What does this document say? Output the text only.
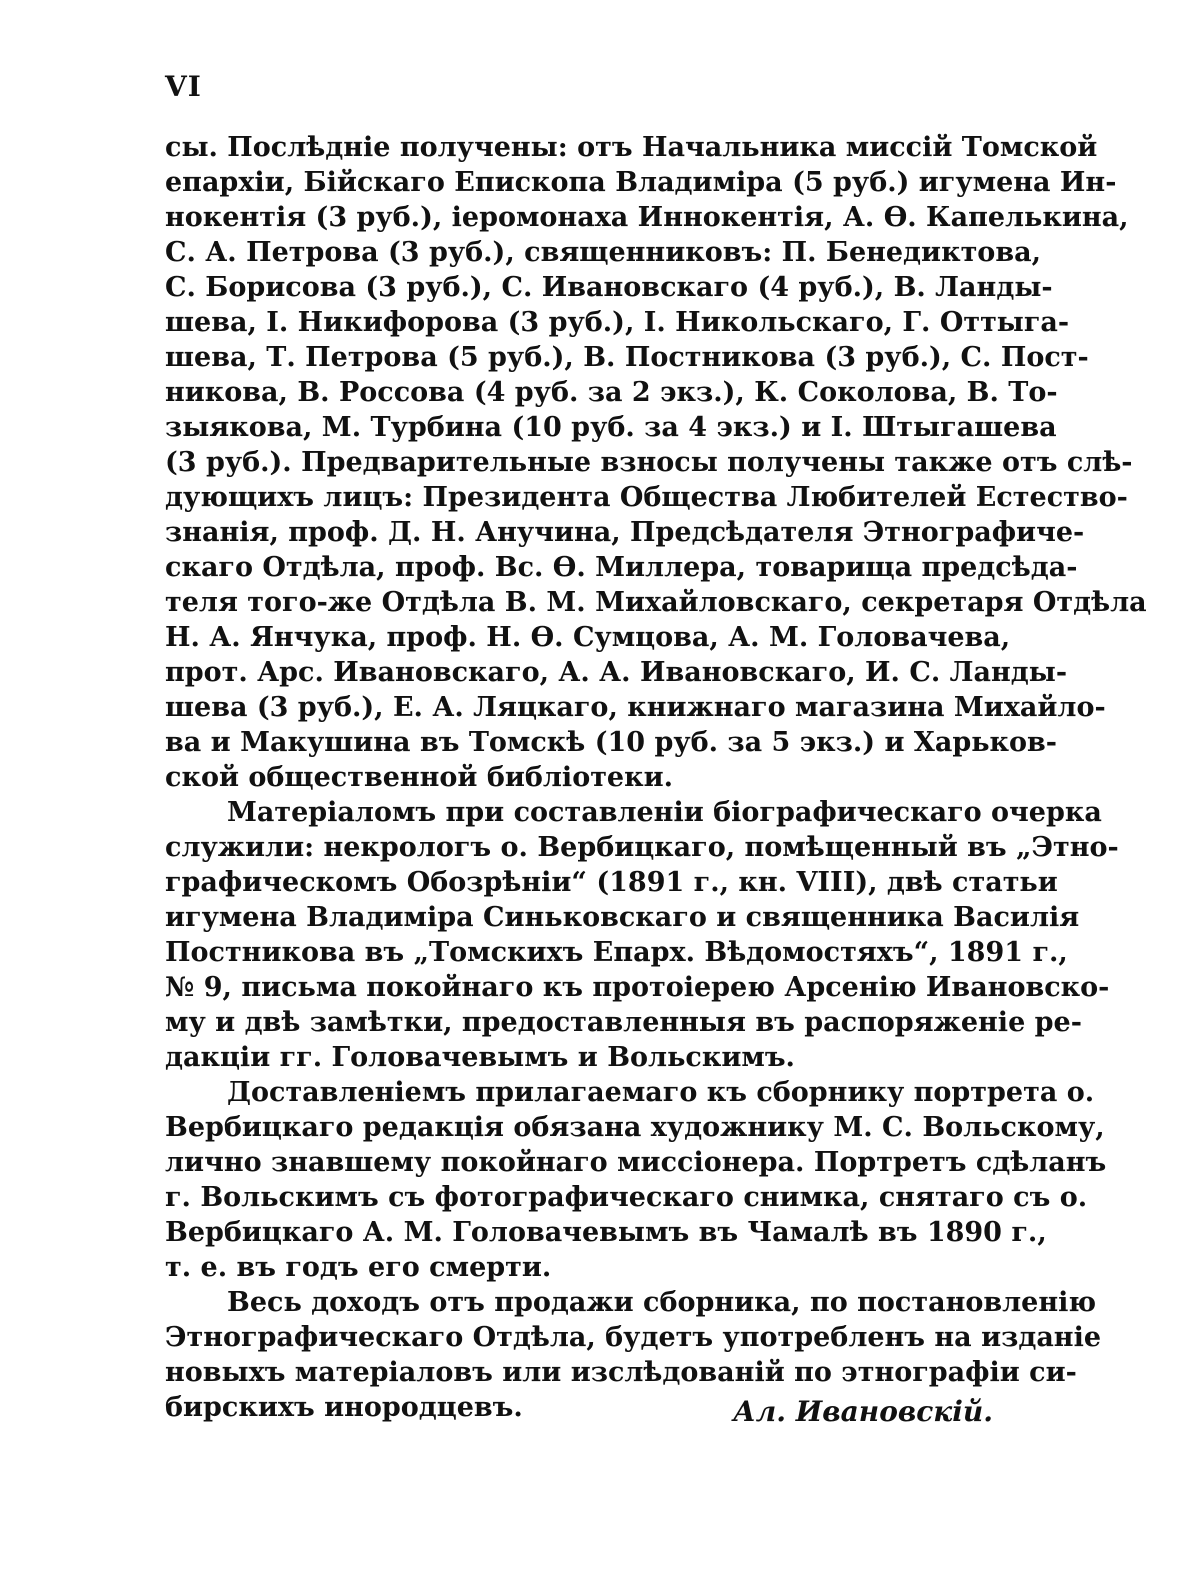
VI

сы. Послѣднiе получены: отъ Начальника миссiй Томской
епархiи, Бiйскаго Епископа Владимiра (5 руб.) игумена Ин-
нокентiя (3 руб.), iеромонаха Иннокентiя, А. Ѳ. Капелькина,
С. А. Петрова (3 руб.), священниковъ: П. Бенедиктова,
С. Борисова (3 руб.), С. Ивановскаго (4 руб.), В. Ланды-
шева, I. Никифорова (3 руб.), I. Никольскаго, Г. Оттыга-
шева, Т. Петрова (5 руб.), В. Постникова (3 руб.), С. Пост-
никова, В. Россова (4 руб. за 2 экз.), К. Соколова, В. То-
зыякова, М. Турбина (10 руб. за 4 экз.) и I. Штыгашева
(3 руб.). Предварительные взносы получены также отъ слѣ-
дующихъ лицъ: Президента Общества Любителей Естество-
знанiя, проф. Д. Н. Анучина, Предсѣдателя Этнографиче-
скаго Отдѣла, проф. Вс. Ѳ. Миллера, товарища предсѣда-
теля того-же Отдѣла В. М. Михайловскаго, секретаря Отдѣла
Н. А. Янчука, проф. Н. Ѳ. Сумцова, А. М. Головачева,
прот. Арс. Ивановскаго, А. А. Ивановскаго, И. С. Ланды-
шева (3 руб.), Е. А. Ляцкаго, книжнаго магазина Михайло-
ва и Макушина въ Томскѣ (10 руб. за 5 экз.) и Харьков-
ской общественной библiотеки.
Матерiаломъ при составленiи бiографическаго очерка
служили: некрологъ о. Вербицкаго, помѣщенный въ „Этно-
графическомъ Обозрѣнiи“ (1891 г., кн. VIII), двѣ статьи
игумена Владимiра Синьковскаго и священника Василiя
Постникова въ „Томскихъ Епарх. Вѣдомостяхъ“, 1891 г.,
№ 9, письма покойнаго къ протоiерею Арсенiю Ивановско-
му и двѣ замѣтки, предоставленныя въ распоряженiе ре-
дакцiи гг. Головачевымъ и Вольскимъ.
Доставленiемъ прилагаемаго къ сборнику портрета о.
Вербицкаго редакцiя обязана художнику М. С. Вольскому,
лично знавшему покойнаго миссiонера. Портретъ сдѣланъ
г. Вольскимъ съ фотографическаго снимка, снятаго съ о.
Вербицкаго А. М. Головачевымъ въ Чамалѣ въ 1890 г.,
т. е. въ годъ его смерти.
Весь доходъ отъ продажи сборника, по постановленiю
Этнографическаго Отдѣла, будетъ употребленъ на изданiе
новыхъ матерiаловъ или изслѣдованiй по этнографiи си-
бирскихъ инородцевъ.	Ал. Ивановскiй.
